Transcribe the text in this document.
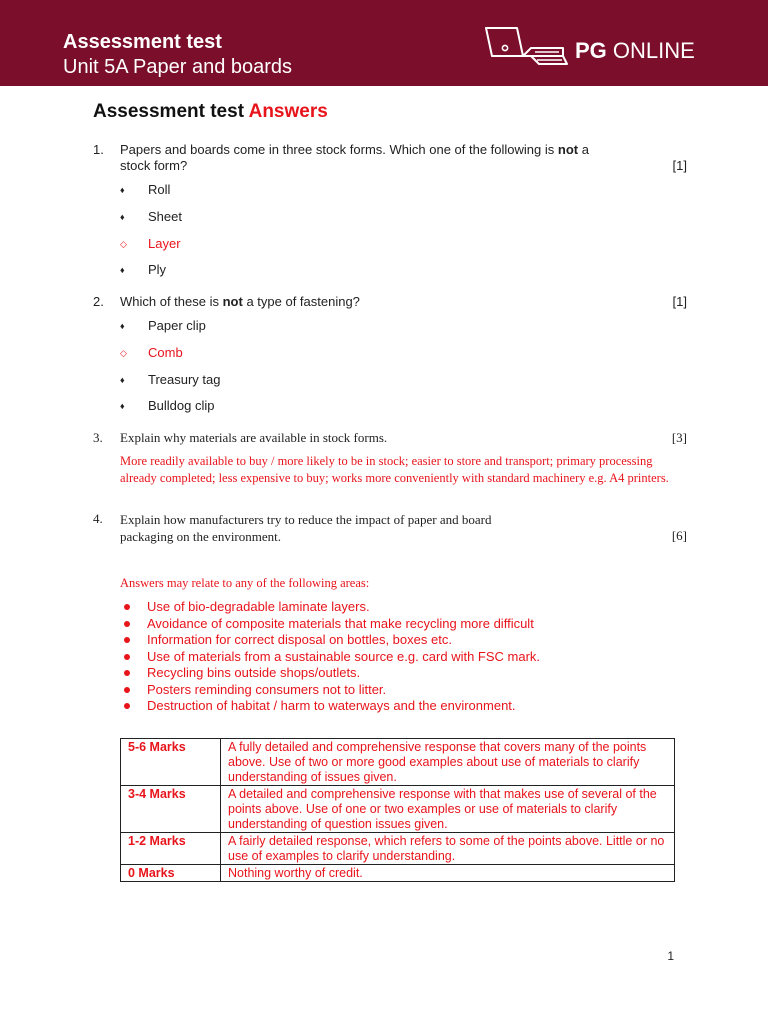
Assessment test
Unit 5A Paper and boards
PG ONLINE
Assessment test Answers
1. Papers and boards come in three stock forms. Which one of the following is not a stock form?	[1]
♦ Roll
♦ Sheet
◇ Layer
♦ Ply
2. Which of these is not a type of fastening?	[1]
♦ Paper clip
◇ Comb
♦ Treasury tag
♦ Bulldog clip
3. Explain why materials are available in stock forms.	[3]
More readily available to buy / more likely to be in stock; easier to store and transport; primary processing already completed; less expensive to buy; works more conveniently with standard machinery e.g. A4 printers.
4. Explain how manufacturers try to reduce the impact of paper and board packaging on the environment.	[6]
Answers may relate to any of the following areas:
Use of bio-degradable laminate layers.
Avoidance of composite materials that make recycling more difficult
Information for correct disposal on bottles, boxes etc.
Use of materials from a sustainable source e.g. card with FSC mark.
Recycling bins outside shops/outlets.
Posters reminding consumers not to litter.
Destruction of habitat / harm to waterways and the environment.
5-6 Marks	A fully detailed and comprehensive response that covers many of the points above. Use of two or more good examples about use of materials to clarify understanding of issues given.
3-4 Marks	A detailed and comprehensive response with that makes use of several of the points above. Use of one or two examples or use of materials to clarify understanding of question issues given.
1-2 Marks	A fairly detailed response, which refers to some of the points above. Little or no use of examples to clarify understanding.
0 Marks	Nothing worthy of credit.
1
